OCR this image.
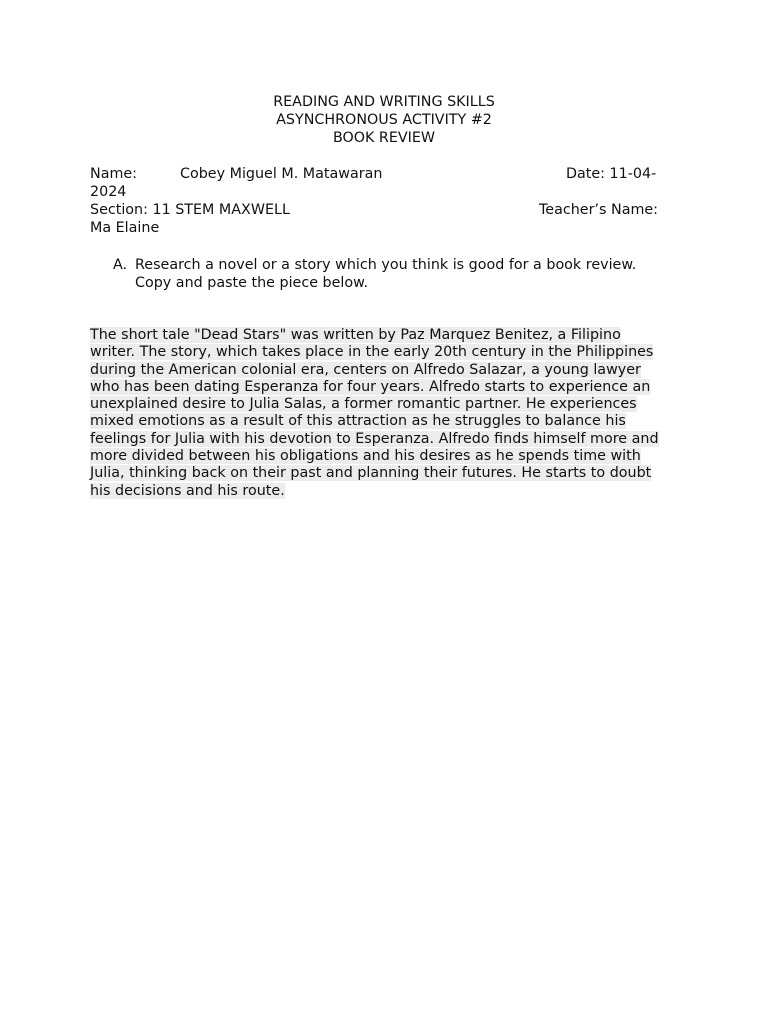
READING AND WRITING SKILLS
ASYNCHRONOUS ACTIVITY #2
BOOK REVIEW
Name:	Cobey Miguel M. Matawaran	Date: 11-04-
2024
Section: 11 STEM MAXWELL	Teacher’s Name:
Ma Elaine
A. Research a novel or a story which you think is good for a book review.
Copy and paste the piece below.
The short tale "Dead Stars" was written by Paz Marquez Benitez, a Filipino
writer. The story, which takes place in the early 20th century in the Philippines
during the American colonial era, centers on Alfredo Salazar, a young lawyer
who has been dating Esperanza for four years. Alfredo starts to experience an
unexplained desire to Julia Salas, a former romantic partner. He experiences
mixed emotions as a result of this attraction as he struggles to balance his
feelings for Julia with his devotion to Esperanza. Alfredo finds himself more and
more divided between his obligations and his desires as he spends time with
Julia, thinking back on their past and planning their futures. He starts to doubt
his decisions and his route.
